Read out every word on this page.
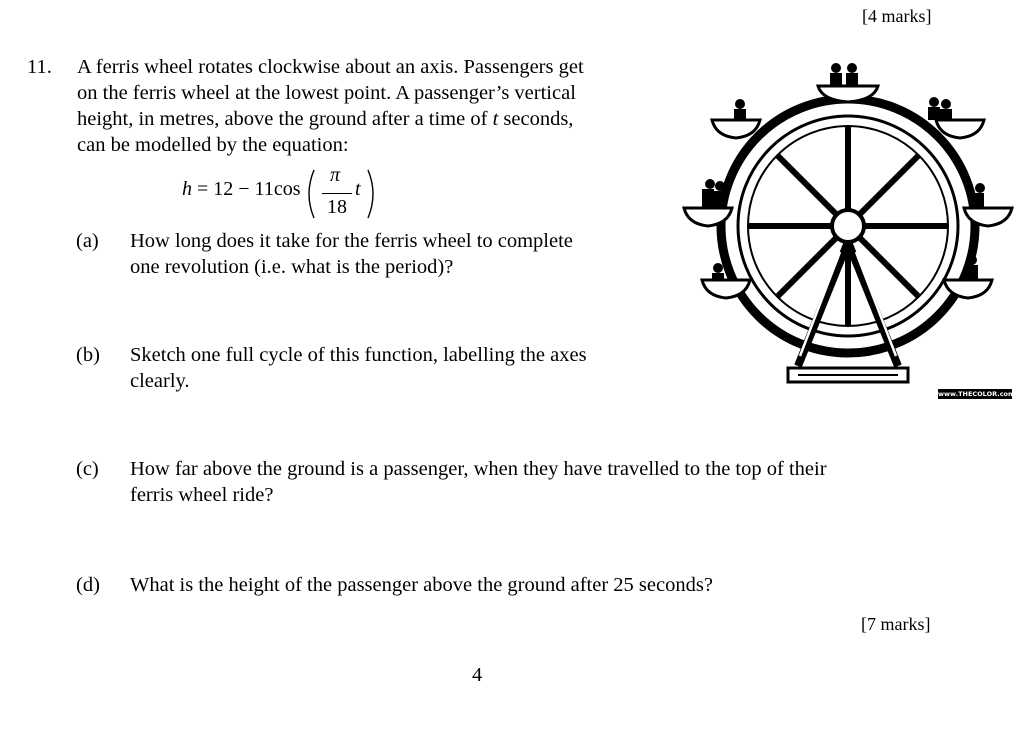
[4 marks]
11. A ferris wheel rotates clockwise about an axis. Passengers get
on the ferris wheel at the lowest point. A passenger’s vertical
height, in metres, above the ground after a time of t seconds,
can be modelled by the equation:
h = 12 − 11cos
π
18
t
(a) How long does it take for the ferris wheel to complete
one revolution (i.e. what is the period)?
(b) Sketch one full cycle of this function, labelling the axes
clearly.
(c) How far above the ground is a passenger, when they have travelled to the top of their
ferris wheel ride?
(d) What is the height of the passenger above the ground after 25 seconds?
[7 marks]
4
www.THECOLOR.com
